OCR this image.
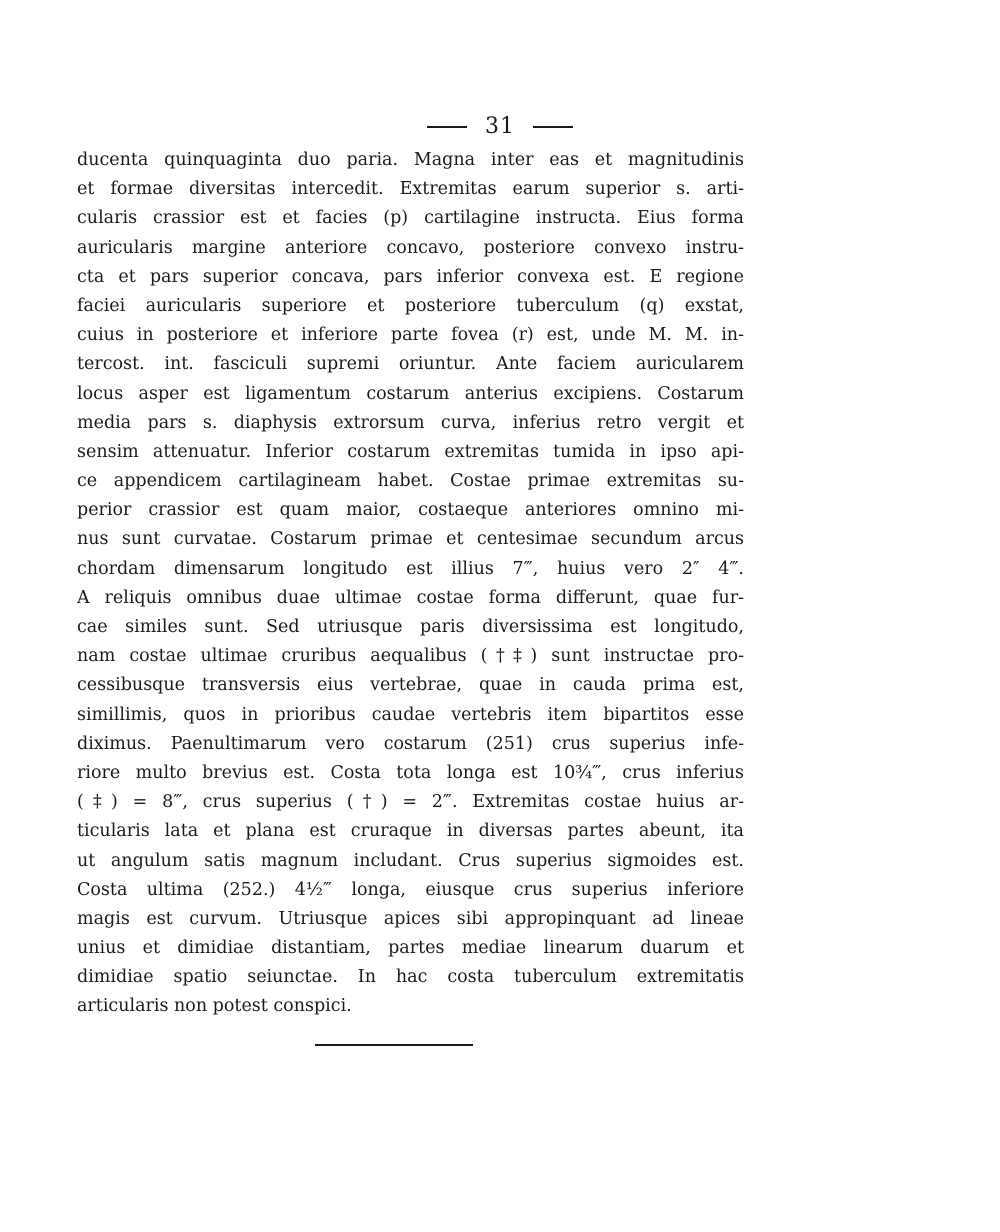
31
ducenta quinquaginta duo paria. Magna inter eas et magnitudinis
et formae diversitas intercedit. Extremitas earum superior s. arti-
cularis crassior est et facies (p) cartilagine instructa. Eius forma
auricularis margine anteriore concavo, posteriore convexo instru-
cta et pars superior concava, pars inferior convexa est. E regione
faciei auricularis superiore et posteriore tuberculum (q) exstat,
cuius in posteriore et inferiore parte fovea (r) est, unde M. M. in-
tercost. int. fasciculi supremi oriuntur. Ante faciem auricularem
locus asper est ligamentum costarum anterius excipiens. Costarum
media pars s. diaphysis extrorsum curva, inferius retro vergit et
sensim attenuatur. Inferior costarum extremitas tumida in ipso api-
ce appendicem cartilagineam habet. Costae primae extremitas su-
perior crassior est quam maior, costaeque anteriores omnino mi-
nus sunt curvatae. Costarum primae et centesimae secundum arcus
chordam dimensarum longitudo est illius 7‴, huius vero 2″ 4‴.
A reliquis omnibus duae ultimae costae forma differunt, quae fur-
cae similes sunt. Sed utriusque paris diversissima est longitudo,
nam costae ultimae cruribus aequalibus (†‡) sunt instructae pro-
cessibusque transversis eius vertebrae, quae in cauda prima est,
simillimis, quos in prioribus caudae vertebris item bipartitos esse
diximus. Paenultimarum vero costarum (251) crus superius infe-
riore multo brevius est. Costa tota longa est 10¾‴, crus inferius
(‡) = 8‴, crus superius (†) = 2‴. Extremitas costae huius ar-
ticularis lata et plana est cruraque in diversas partes abeunt, ita
ut angulum satis magnum includant. Crus superius sigmoides est.
Costa ultima (252.) 4½‴ longa, eiusque crus superius inferiore
magis est curvum. Utriusque apices sibi appropinquant ad lineae
unius et dimidiae distantiam, partes mediae linearum duarum et
dimidiae spatio seiunctae. In hac costa tuberculum extremitatis
articularis non potest conspici.
